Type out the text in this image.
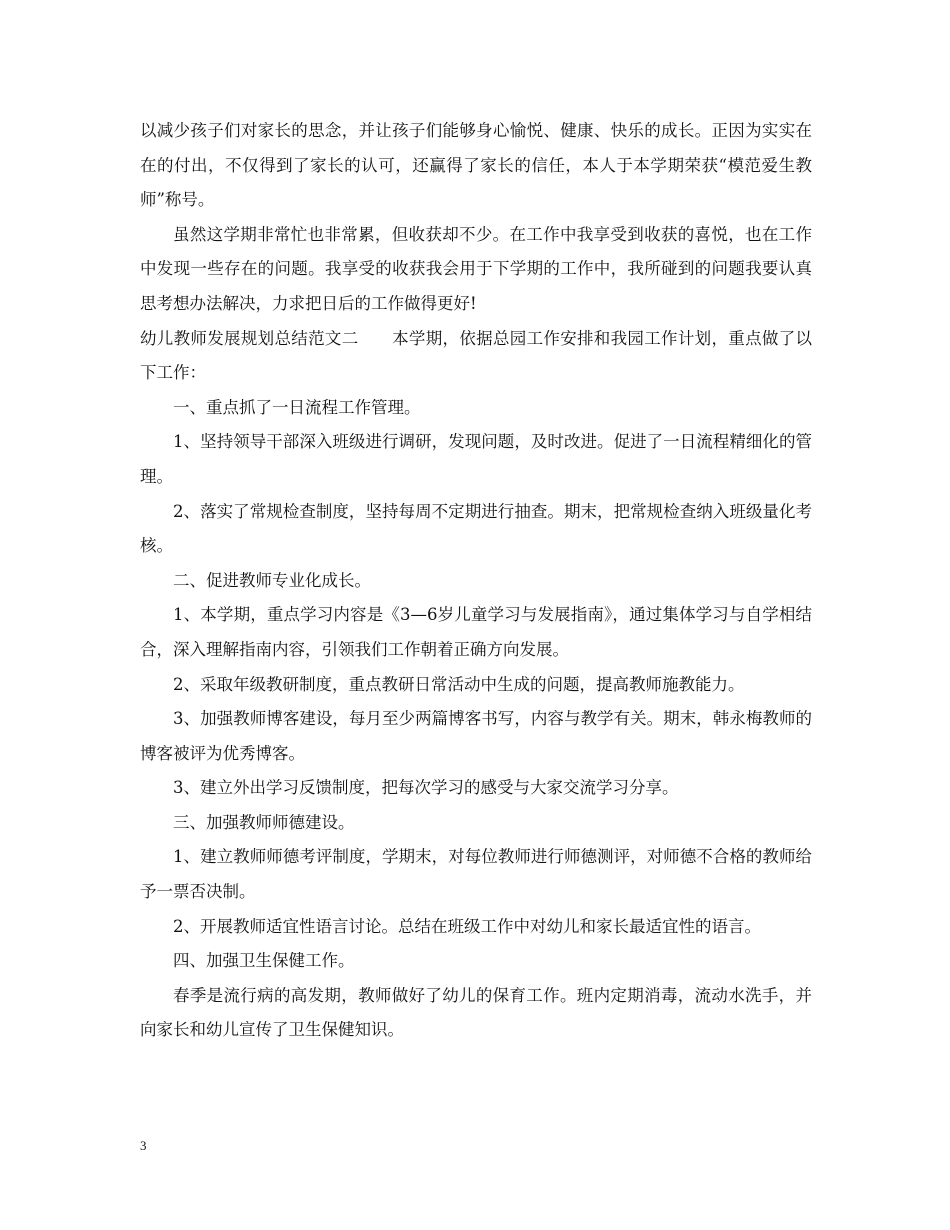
以减少孩子们对家长的思念，并让孩子们能够身心愉悦、健康、快乐的成长。正因为实实在在的付出，不仅得到了家长的认可，还赢得了家长的信任，本人于本学期荣获“模范爱生教师”称号。

虽然这学期非常忙也非常累，但收获却不少。在工作中我享受到收获的喜悦，也在工作中发现一些存在的问题。我享受的收获我会用于下学期的工作中，我所碰到的问题我要认真思考想办法解决，力求把日后的工作做得更好!

幼儿教师发展规划总结范文二　　本学期，依据总园工作安排和我园工作计划，重点做了以下工作：

一、重点抓了一日流程工作管理。

1、坚持领导干部深入班级进行调研，发现问题，及时改进。促进了一日流程精细化的管理。

2、落实了常规检查制度，坚持每周不定期进行抽查。期末，把常规检查纳入班级量化考核。

二、促进教师专业化成长。

1、本学期，重点学习内容是《3—6岁儿童学习与发展指南》，通过集体学习与自学相结合，深入理解指南内容，引领我们工作朝着正确方向发展。

2、采取年级教研制度，重点教研日常活动中生成的问题，提高教师施教能力。

3、加强教师博客建设，每月至少两篇博客书写，内容与教学有关。期末，韩永梅教师的博客被评为优秀博客。

3、建立外出学习反馈制度，把每次学习的感受与大家交流学习分享。

三、加强教师师德建设。

1、建立教师师德考评制度，学期末，对每位教师进行师德测评，对师德不合格的教师给予一票否决制。

2、开展教师适宜性语言讨论。总结在班级工作中对幼儿和家长最适宜性的语言。

四、加强卫生保健工作。

春季是流行病的高发期，教师做好了幼儿的保育工作。班内定期消毒，流动水洗手，并向家长和幼儿宣传了卫生保健知识。

3
